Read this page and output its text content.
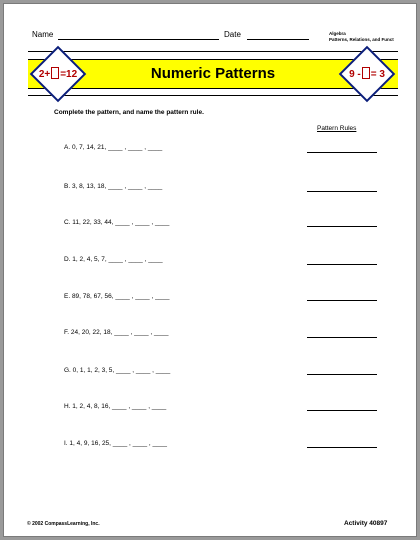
Name	Date	Algebra
Patterns, Relations, and Funct
Numeric Patterns
2+ =12	9 - = 3
Complete the pattern, and name the pattern rule.
Pattern Rules
A. 0, 7, 14, 21, ____ , ____ , ____
B. 3, 8, 13, 18, ____ , ____ , ____
C. 11, 22, 33, 44, ____ , ____ , ____
D. 1, 2, 4, 5, 7, ____ , ____ , ____
E. 89, 78, 67, 56, ____ , ____ , ____
F. 24, 20, 22, 18, ____ , ____ , ____
G. 0, 1, 1, 2, 3, 5, ____ , ____ , ____
H. 1, 2, 4, 8, 16, ____ , ____ , ____
I. 1, 4, 9, 16, 25, ____ , ____ , ____
© 2002 CompassLearning, Inc.	Activity 40897
